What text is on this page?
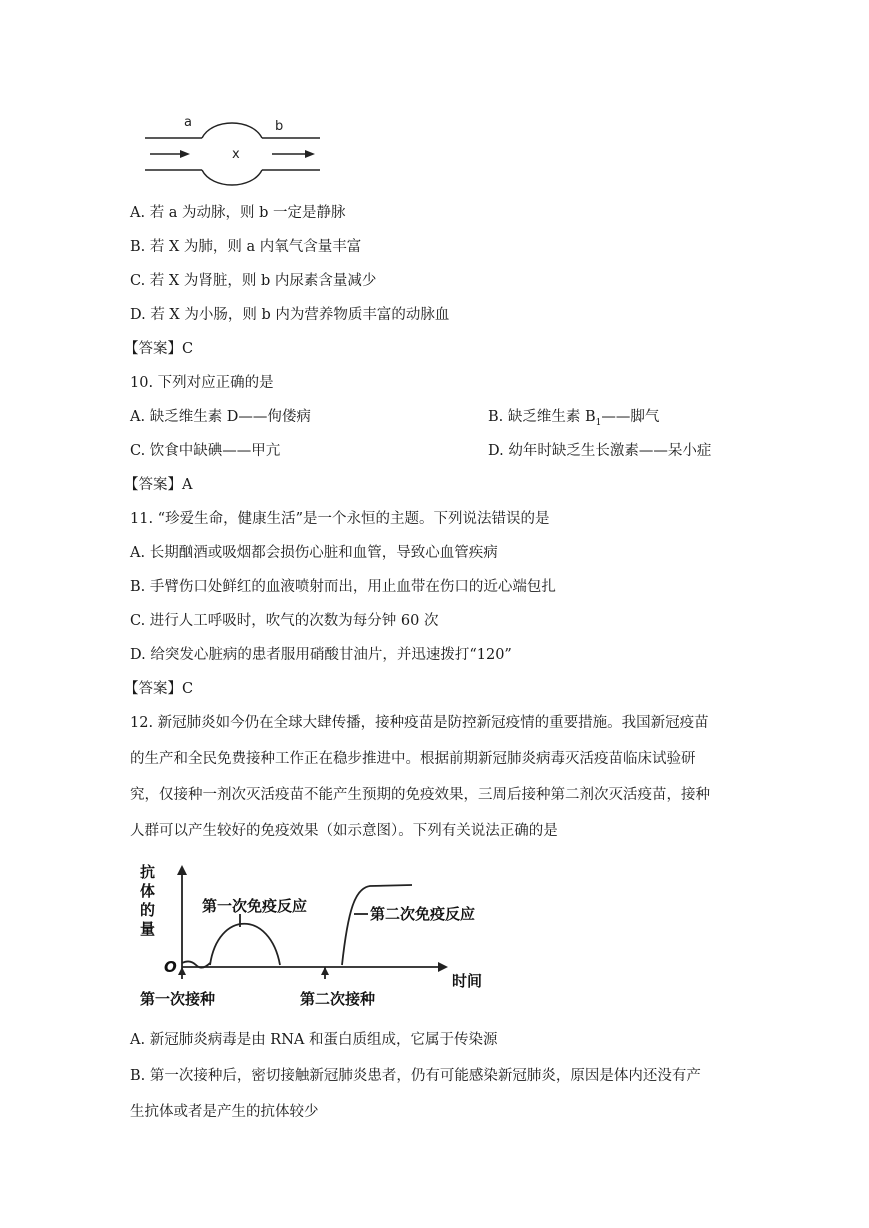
a	b
x
A. 若 a 为动脉，则 b 一定是静脉
B. 若 X 为肺，则 a 内氧气含量丰富
C. 若 X 为肾脏，则 b 内尿素含量减少
D. 若 X 为小肠，则 b 内为营养物质丰富的动脉血
【答案】C
10. 下列对应正确的是
A. 缺乏维生素 D——佝偻病	B. 缺乏维生素 $B_1——$脚气
C. 饮食中缺碘——甲亢	D. 幼年时缺乏生长激素——呆小症
【答案】A
11. “珍爱生命，健康生活”是一个永恒的主题。下列说法错误的是
A. 长期酗酒或吸烟都会损伤心脏和血管，导致心血管疾病
B. 手臂伤口处鲜红的血液喷射而出，用止血带在伤口的近心端包扎
C. 进行人工呼吸时，吹气的次数为每分钟 60 次
D. 给突发心脏病的患者服用硝酸甘油片，并迅速拨打“120”
【答案】C
12. 新冠肺炎如今仍在全球大肆传播，接种疫苗是防控新冠疫情的重要措施。我国新冠疫苗
的生产和全民免费接种工作正在稳步推进中。根据前期新冠肺炎病毒灭活疫苗临床试验研
究，仅接种一剂次灭活疫苗不能产生预期的免疫效果，三周后接种第二剂次灭活疫苗，接种
人群可以产生较好的免疫效果（如示意图）。下列有关说法正确的是
抗
体
的
量
O
时间
第一次免疫反应	第二次免疫反应
第一次接种	第二次接种
A. 新冠肺炎病毒是由 RNA 和蛋白质组成，它属于传染源
B. 第一次接种后，密切接触新冠肺炎患者，仍有可能感染新冠肺炎，原因是体内还没有产
生抗体或者是产生的抗体较少
